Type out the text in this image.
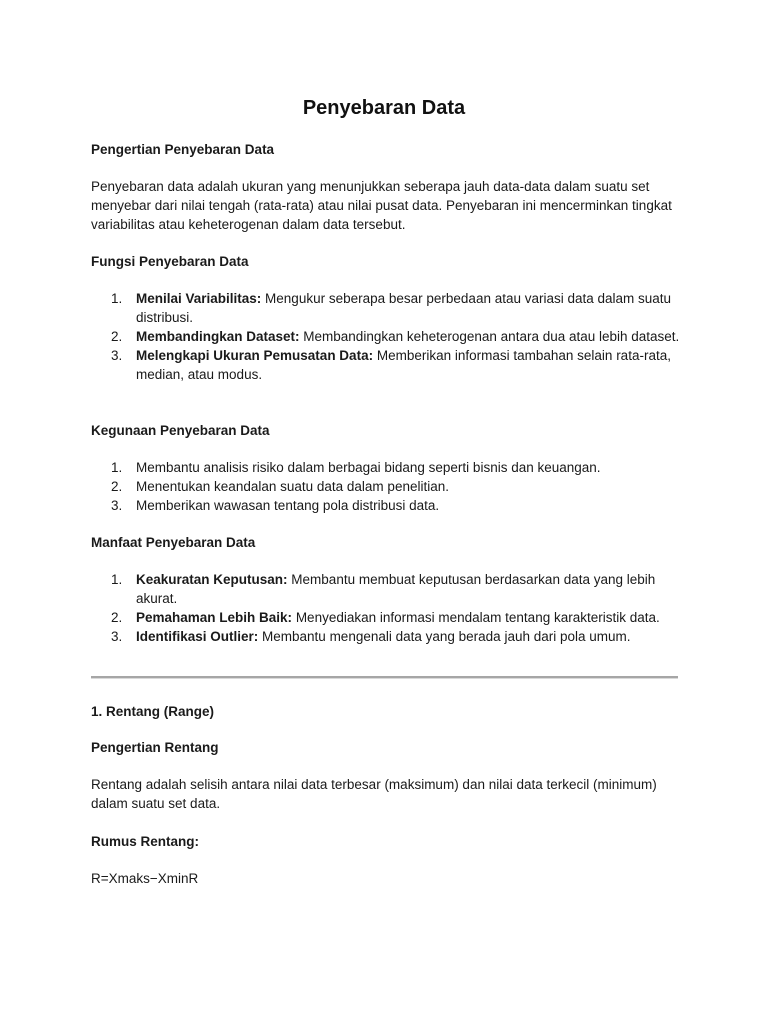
Penyebaran Data

Pengertian Penyebaran Data

Penyebaran data adalah ukuran yang menunjukkan seberapa jauh data-data dalam suatu set menyebar dari nilai tengah (rata-rata) atau nilai pusat data. Penyebaran ini mencerminkan tingkat variabilitas atau keheterogenan dalam data tersebut.

Fungsi Penyebaran Data

1. Menilai Variabilitas: Mengukur seberapa besar perbedaan atau variasi data dalam suatu distribusi.
2. Membandingkan Dataset: Membandingkan keheterogenan antara dua atau lebih dataset.
3. Melengkapi Ukuran Pemusatan Data: Memberikan informasi tambahan selain rata-rata, median, atau modus.

Kegunaan Penyebaran Data

1. Membantu analisis risiko dalam berbagai bidang seperti bisnis dan keuangan.
2. Menentukan keandalan suatu data dalam penelitian.
3. Memberikan wawasan tentang pola distribusi data.

Manfaat Penyebaran Data

1. Keakuratan Keputusan: Membantu membuat keputusan berdasarkan data yang lebih akurat.
2. Pemahaman Lebih Baik: Menyediakan informasi mendalam tentang karakteristik data.
3. Identifikasi Outlier: Membantu mengenali data yang berada jauh dari pola umum.

1. Rentang (Range)

Pengertian Rentang

Rentang adalah selisih antara nilai data terbesar (maksimum) dan nilai data terkecil (minimum) dalam suatu set data.

Rumus Rentang:

R=Xmaks−XminR
